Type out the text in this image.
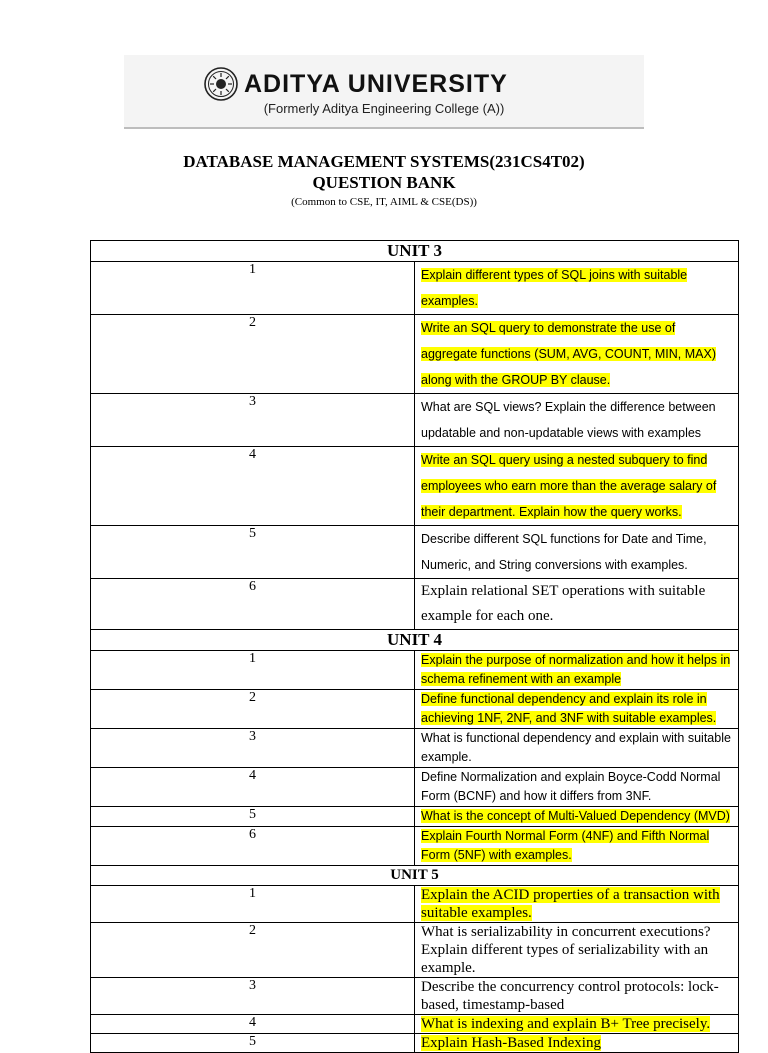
ADITYA UNIVERSITY
(Formerly Aditya Engineering College (A))
DATABASE MANAGEMENT SYSTEMS(231CS4T02)
QUESTION BANK
(Common to CSE, IT, AIML & CSE(DS))
UNIT 3	
1	Explain different types of SQL joins with suitable examples.
2	Write an SQL query to demonstrate the use of aggregate functions (SUM, AVG, COUNT, MIN, MAX) along with the GROUP BY clause.
3	What are SQL views? Explain the difference between updatable and non-updatable views with examples
4	Write an SQL query using a nested subquery to find employees who earn more than the average salary of their department. Explain how the query works.
5	Describe different SQL functions for Date and Time, Numeric, and String conversions with examples.
6	Explain relational SET operations with suitable example for each one.
UNIT 4	
1	Explain the purpose of normalization and how it helps in schema refinement with an example
2	Define functional dependency and explain its role in achieving 1NF, 2NF, and 3NF with suitable examples.
3	What is functional dependency and explain with suitable example.
4	Define Normalization and explain Boyce-Codd Normal Form (BCNF) and how it differs from 3NF.
5	What is the concept of Multi-Valued Dependency (MVD)
6	Explain Fourth Normal Form (4NF) and Fifth Normal Form (5NF) with examples.
UNIT 5	
1	Explain the ACID properties of a transaction with suitable examples.
2	What is serializability in concurrent executions? Explain different types of serializability with an example.
3	Describe the concurrency control protocols: lock-based, timestamp-based
4	What is indexing and explain B+ Tree precisely.
5	Explain Hash-Based Indexing
